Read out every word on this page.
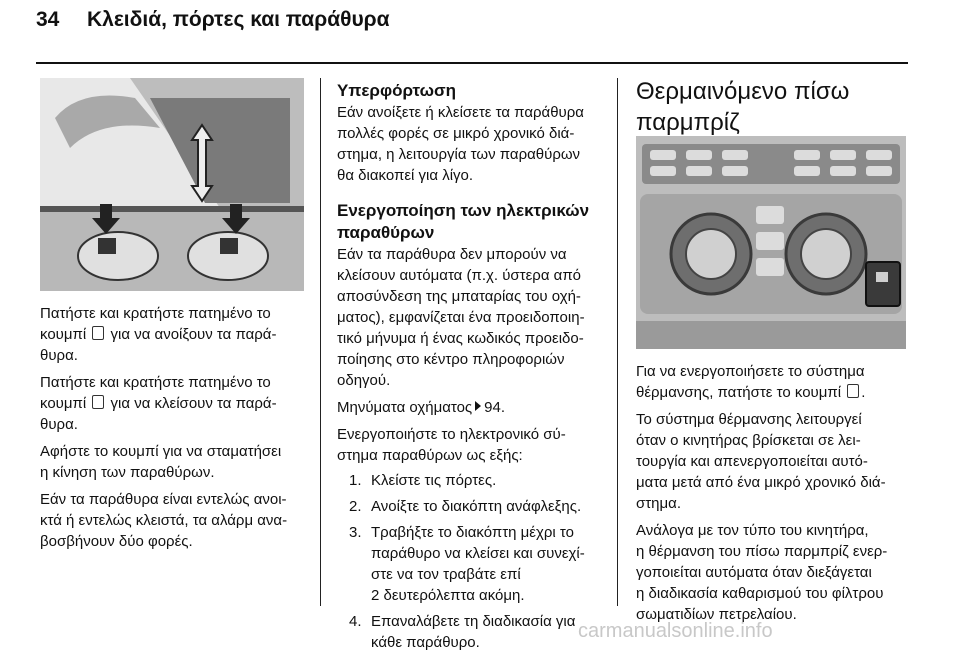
34 Κλειδιά, πόρτες και παράθυρα

Πατήστε και κρατήστε πατημένο το
κουμπί για να ανοίξουν τα παρά-
θυρα.

Πατήστε και κρατήστε πατημένο το
κουμπί για να κλείσουν τα παρά-
θυρα.

Αφήστε το κουμπί για να σταματήσει
η κίνηση των παραθύρων.

Εάν τα παράθυρα είναι εντελώς ανοι-
κτά ή εντελώς κλειστά, τα αλάρμ ανα-
βοσβήνουν δύο φορές.

Υπερφόρτωση

Εάν ανοίξετε ή κλείσετε τα παράθυρα
πολλές φορές σε μικρό χρονικό διά-
στημα, η λειτουργία των παραθύρων
θα διακοπεί για λίγο.

Ενεργοποίηση των ηλεκτρικών
παραθύρων

Εάν τα παράθυρα δεν μπορούν να
κλείσουν αυτόματα (π.χ. ύστερα από
αποσύνδεση της μπαταρίας του οχή-
ματος), εμφανίζεται ένα προειδοποιη-
τικό μήνυμα ή ένας κωδικός προειδο-
ποίησης στο κέντρο πληροφοριών
οδηγού.

Μηνύματα οχήματος 94.

Ενεργοποιήστε το ηλεκτρονικό σύ-
στημα παραθύρων ως εξής:

1. Κλείστε τις πόρτες.
2. Ανοίξτε το διακόπτη ανάφλεξης.
3. Τραβήξτε το διακόπτη μέχρι το
παράθυρο να κλείσει και συνεχί-
στε να τον τραβάτε επί
2 δευτερόλεπτα ακόμη.
4. Επαναλάβετε τη διαδικασία για
κάθε παράθυρο.
Θερμαινόμενο πίσω
παρμπρίζ

Για να ενεργοποιήσετε το σύστημα
θέρμανσης, πατήστε το κουμπί .

Το σύστημα θέρμανσης λειτουργεί
όταν ο κινητήρας βρίσκεται σε λει-
τουργία και απενεργοποιείται αυτό-
ματα μετά από ένα μικρό χρονικό διά-
στημα.

Ανάλογα με τον τύπο του κινητήρα,
η θέρμανση του πίσω παρμπρίζ ενερ-
γοποιείται αυτόματα όταν διεξάγεται
η διαδικασία καθαρισμού του φίλτρου
σωματιδίων πετρελαίου.

carmanualsonline.info
